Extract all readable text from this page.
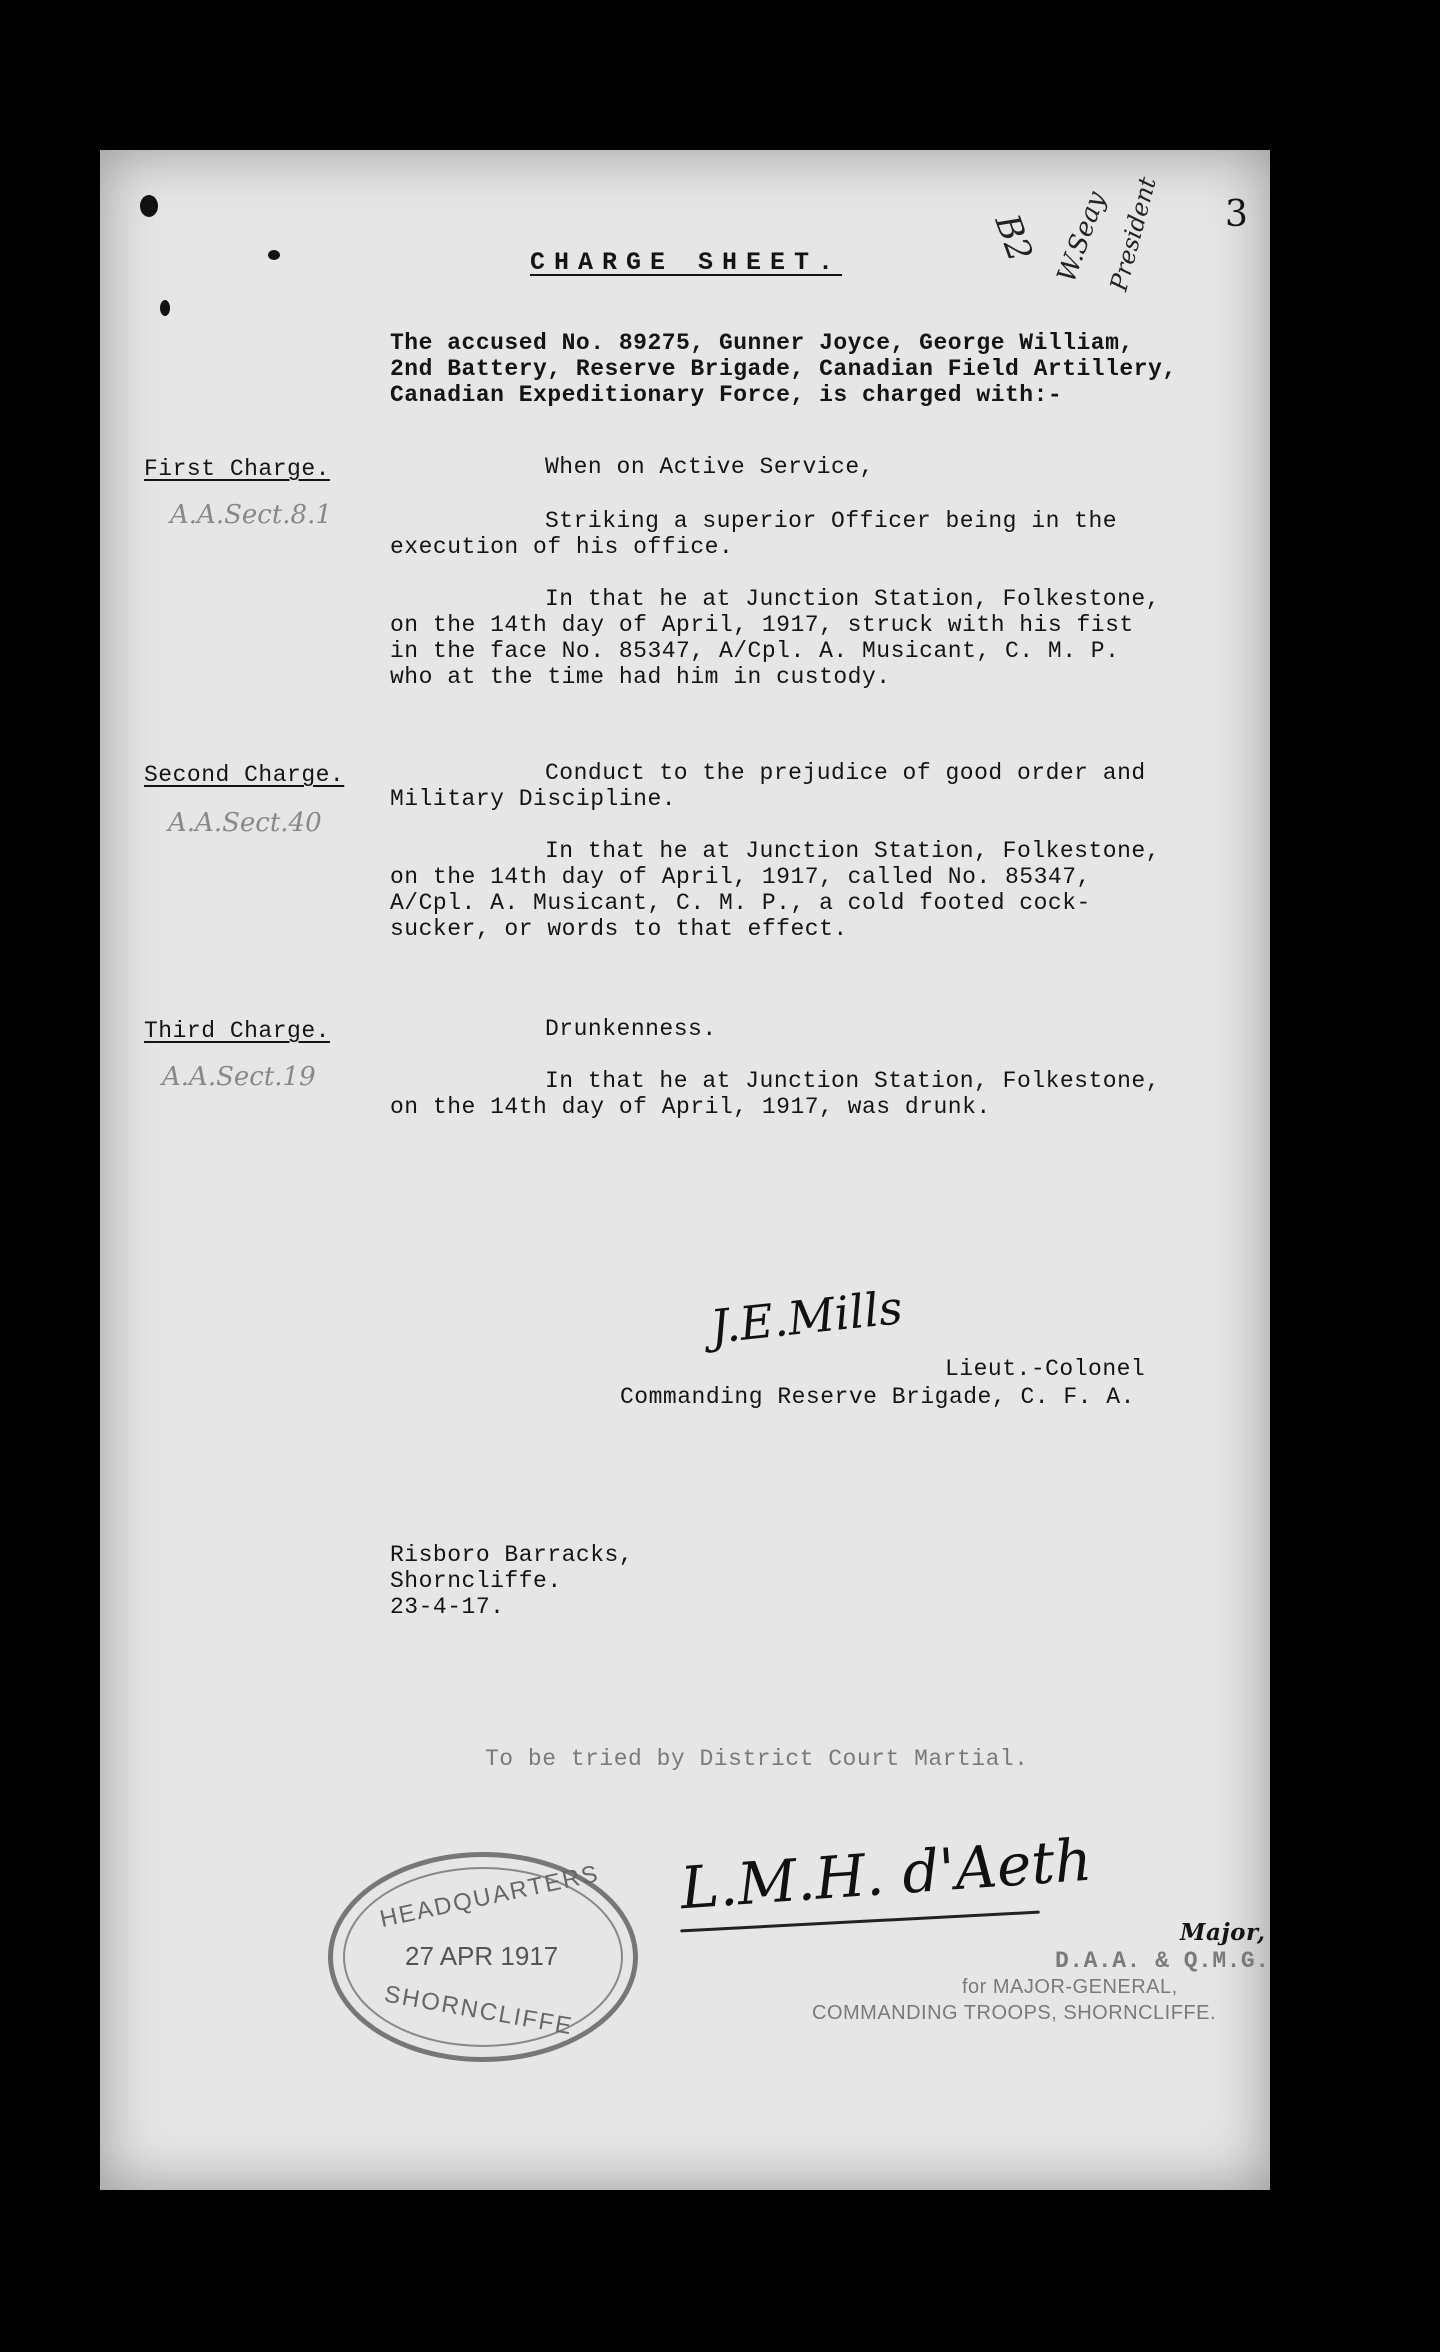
3
B2 W.Seay
President
CHARGE SHEET.
The accused No. 89275, Gunner Joyce, George William,
2nd Battery, Reserve Brigade, Canadian Field Artillery,
Canadian Expeditionary Force, is charged with:-
First Charge.
A.A.Sect.8.1
When on Active Service,
Striking a superior Officer being in the
execution of his office.
In that he at Junction Station, Folkestone,
on the 14th day of April, 1917, struck with his fist
in the face No. 85347, A/Cpl. A. Musicant, C. M. P.
who at the time had him in custody.
Second Charge.
A.A.Sect.40
Conduct to the prejudice of good order and
Military Discipline.
In that he at Junction Station, Folkestone,
on the 14th day of April, 1917, called No. 85347,
A/Cpl. A. Musicant, C. M. P., a cold footed cock-
sucker, or words to that effect.
Third Charge.
A.A.Sect.19
Drunkenness.
In that he at Junction Station, Folkestone,
on the 14th day of April, 1917, was drunk.
J.E.Mills
Lieut.-Colonel
Commanding Reserve Brigade, C. F. A.
Risboro Barracks,
Shorncliffe.
23-4-17.
To be tried by District Court Martial.
HEADQUARTERS
27 APR 1917
SHORNCLIFFE
L.M.H. d'Aeth
Major,
D.A.A. & Q.M.G.
for MAJOR-GENERAL,
COMMANDING TROOPS, SHORNCLIFFE.
